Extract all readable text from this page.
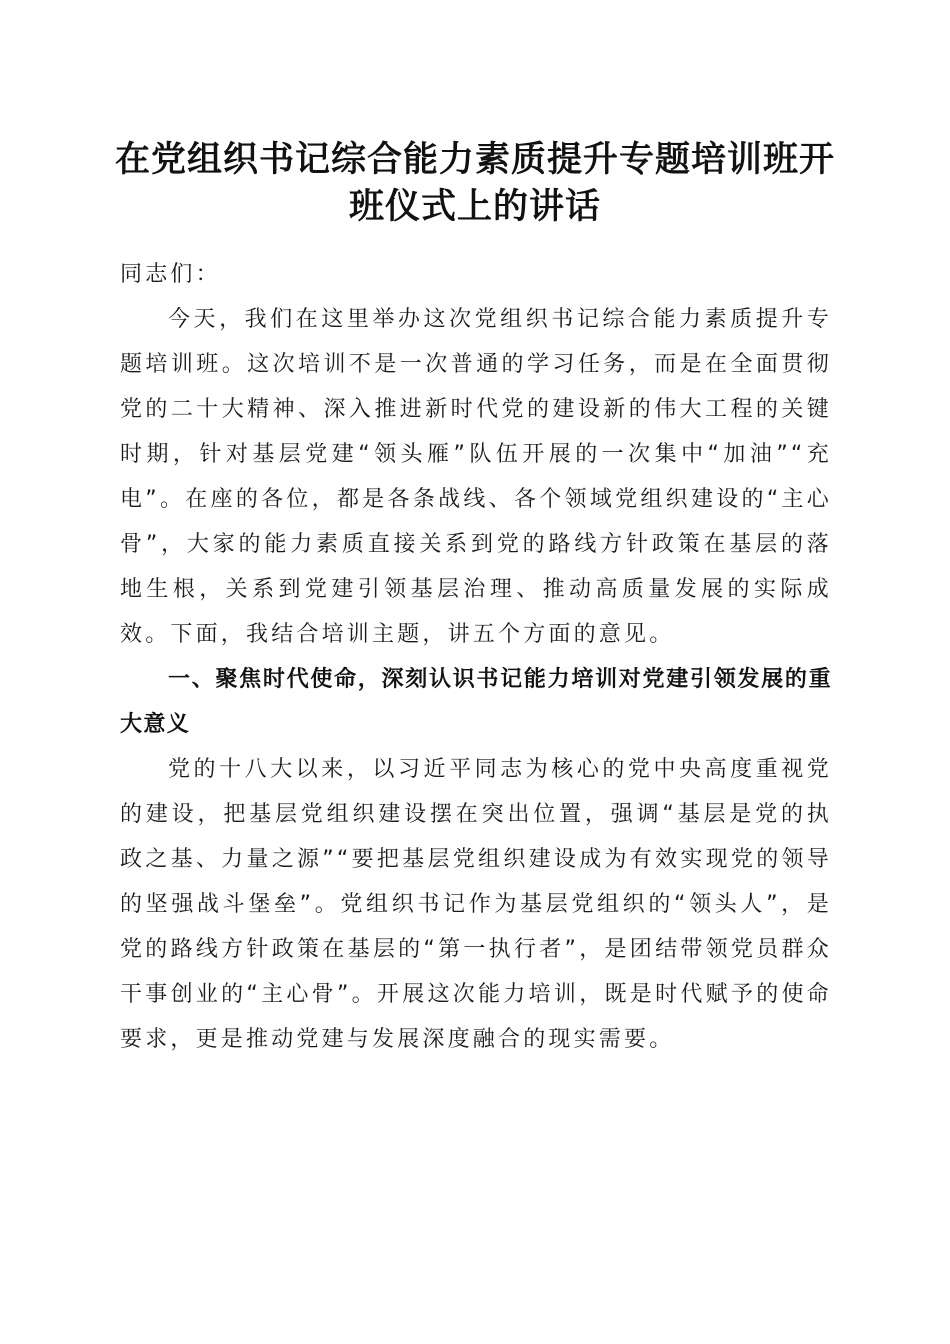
在党组织书记综合能力素质提升专题培训班开
班仪式上的讲话

同志们：

今天，我们在这里举办这次党组织书记综合能力素质提升专题培训班。这次培训不是一次普通的学习任务，而是在全面贯彻党的二十大精神、深入推进新时代党的建设新的伟大工程的关键时期，针对基层党建“领头雁”队伍开展的一次集中“加油”“充电”。在座的各位，都是各条战线、各个领域党组织建设的“主心骨”，大家的能力素质直接关系到党的路线方针政策在基层的落地生根，关系到党建引领基层治理、推动高质量发展的实际成效。下面，我结合培训主题，讲五个方面的意见。

一、聚焦时代使命，深刻认识书记能力培训对党建引领发展的重大意义

党的十八大以来，以习近平同志为核心的党中央高度重视党的建设，把基层党组织建设摆在突出位置，强调“基层是党的执政之基、力量之源”“要把基层党组织建设成为有效实现党的领导的坚强战斗堡垒”。党组织书记作为基层党组织的“领头人”，是党的路线方针政策在基层的“第一执行者”，是团结带领党员群众干事创业的“主心骨”。开展这次能力培训，既是时代赋予的使命要求，更是推动党建与发展深度融合的现实需要。
